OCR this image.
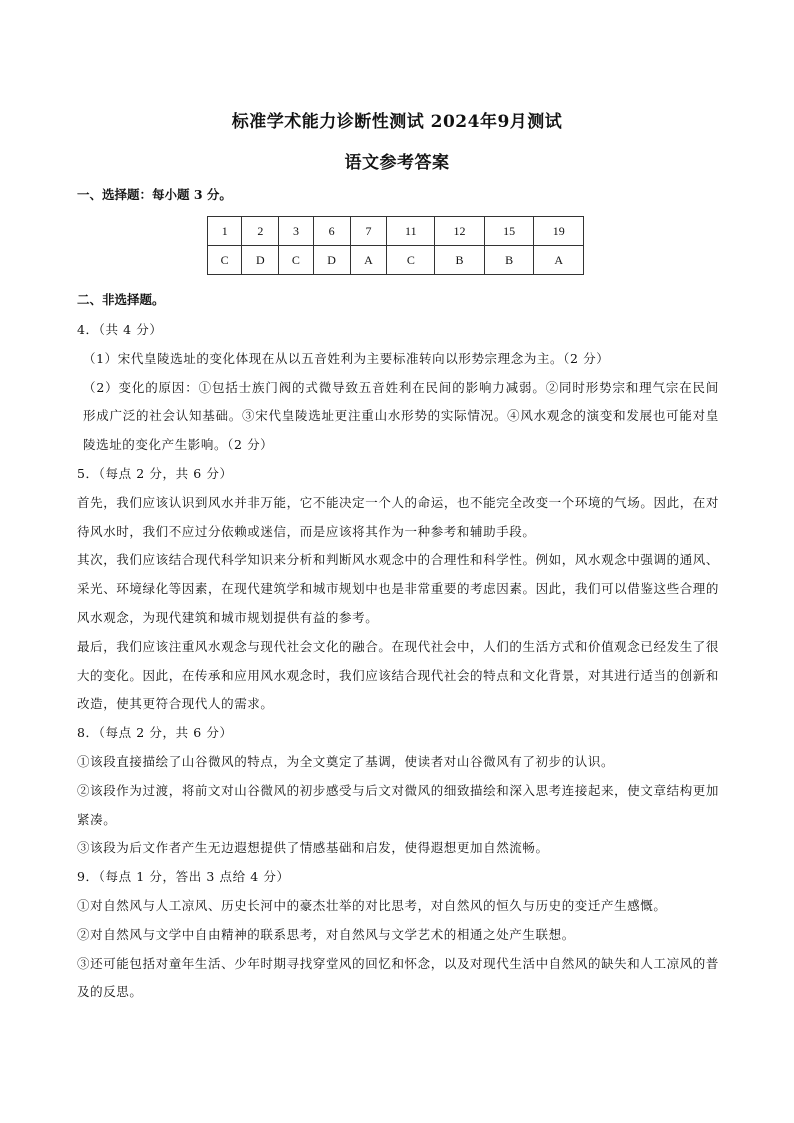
标准学术能力诊断性测试 2024年9月测试
语文参考答案
一、选择题：每小题 3 分。
1	2	3	6	7	11	12	15	19
C	D	C	D	A	C	B	B	A
二、非选择题。

4．（共 4 分）

（1）宋代皇陵选址的变化体现在从以五音姓利为主要标准转向以形势宗理念为主。（2 分）

（2）变化的原因：①包括士族门阀的式微导致五音姓利在民间的影响力减弱。②同时形势宗和理气宗在民间形成广泛的社会认知基础。③宋代皇陵选址更注重山水形势的实际情况。④风水观念的演变和发展也可能对皇陵选址的变化产生影响。（2 分）

5．（每点 2 分，共 6 分）

首先，我们应该认识到风水并非万能，它不能决定一个人的命运，也不能完全改变一个环境的气场。因此，在对待风水时，我们不应过分依赖或迷信，而是应该将其作为一种参考和辅助手段。

其次，我们应该结合现代科学知识来分析和判断风水观念中的合理性和科学性。例如，风水观念中强调的通风、采光、环境绿化等因素，在现代建筑学和城市规划中也是非常重要的考虑因素。因此，我们可以借鉴这些合理的风水观念，为现代建筑和城市规划提供有益的参考。

最后，我们应该注重风水观念与现代社会文化的融合。在现代社会中，人们的生活方式和价值观念已经发生了很大的变化。因此，在传承和应用风水观念时，我们应该结合现代社会的特点和文化背景，对其进行适当的创新和改造，使其更符合现代人的需求。

8．（每点 2 分，共 6 分）

①该段直接描绘了山谷微风的特点，为全文奠定了基调，使读者对山谷微风有了初步的认识。

②该段作为过渡，将前文对山谷微风的初步感受与后文对微风的细致描绘和深入思考连接起来，使文章结构更加紧凑。

③该段为后文作者产生无边遐想提供了情感基础和启发，使得遐想更加自然流畅。

9．（每点 1 分，答出 3 点给 4 分）

①对自然风与人工凉风、历史长河中的豪杰壮举的对比思考，对自然风的恒久与历史的变迁产生感慨。

②对自然风与文学中自由精神的联系思考，对自然风与文学艺术的相通之处产生联想。

③还可能包括对童年生活、少年时期寻找穿堂风的回忆和怀念，以及对现代生活中自然风的缺失和人工凉风的普及的反思。
